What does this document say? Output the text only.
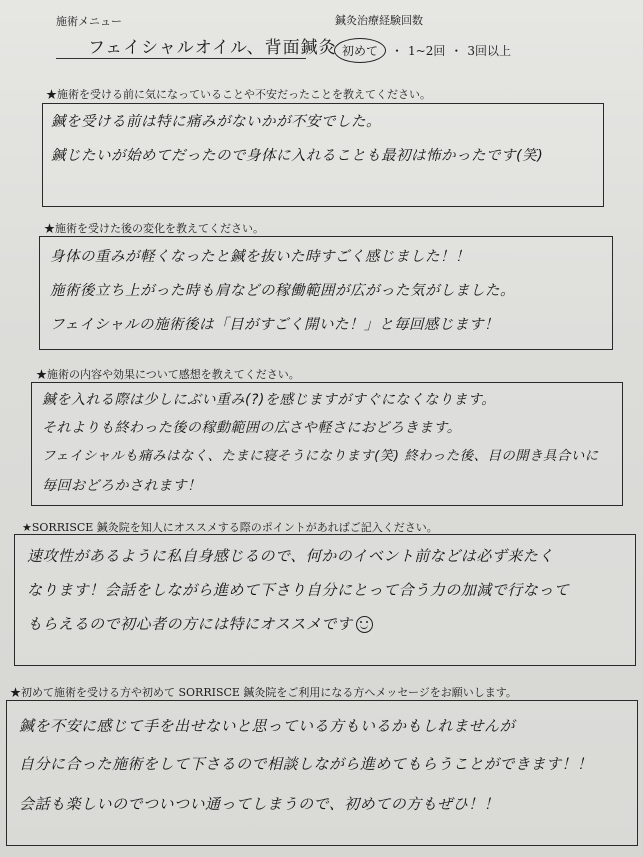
施術メニュー
フェイシャルオイル、背面鍼灸
鍼灸治療経験回数
初めて ・ 1~2回 ・ 3回以上
★施術を受ける前に気になっていることや不安だったことを教えてください。

鍼を受ける前は特に痛みがないかが不安でした。

鍼じたいが始めてだったので身体に入れることも最初は怖かったです(笑)

★施術を受けた後の変化を教えてください。

身体の重みが軽くなったと鍼を抜いた時すごく感じました！！

施術後立ち上がった時も肩などの稼働範囲が広がった気がしました。

フェイシャルの施術後は「目がすごく開いた！」と毎回感じます！

★施術の内容や効果について感想を教えてください。

鍼を入れる際は少しにぶい重み(?)を感じますがすぐになくなります。

それよりも終わった後の稼動範囲の広さや軽さにおどろきます。

フェイシャルも痛みはなく、たまに寝そうになります(笑) 終わった後、目の開き具合いに

毎回おどろかされます！

★SORRISCE 鍼灸院を知人にオススメする際のポイントがあればご記入ください。

速攻性があるように私自身感じるので、何かのイベント前などは必ず来たく

なります！会話をしながら進めて下さり自分にとって合う力の加減で行なって

もらえるので初心者の方には特にオススメです

★初めて施術を受ける方や初めて SORRISCE 鍼灸院をご利用になる方へメッセージをお願いします。

鍼を不安に感じて手を出せないと思っている方もいるかもしれませんが

自分に合った施術をして下さるので相談しながら進めてもらうことができます！！

会話も楽しいのでついつい通ってしまうので、初めての方もぜひ！！
